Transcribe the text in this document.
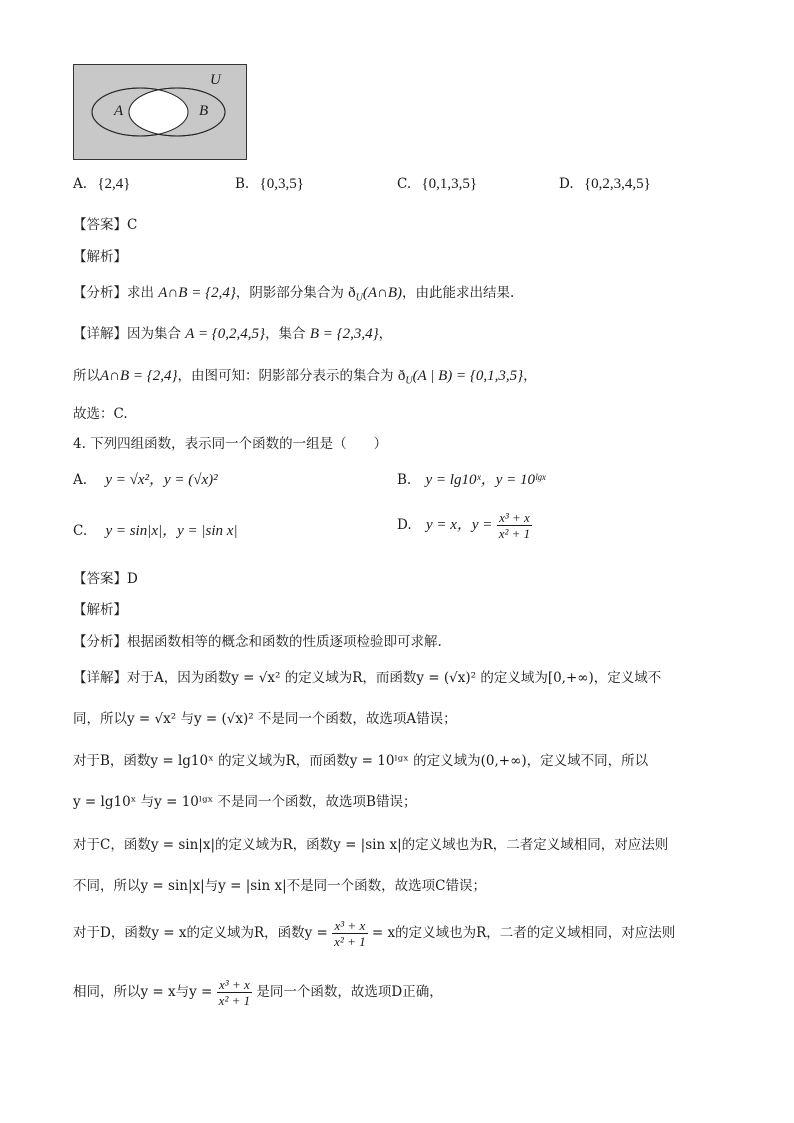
U
A	B
A. {2,4}	B. {0,3,5}	C. {0,1,3,5}	D. {0,2,3,4,5}
【答案】C
【解析】
【分析】求出 A∩B = {2,4}，阴影部分集合为 $ð_U(A\cap B)$，由此能求出结果.
【详解】因为集合 A = {0,2,4,5}，集合 B = {2,3,4}，
所以A∩B = {2,4}，由图可知：阴影部分表示的集合为 $ð_U(A$ | B) = {0,1,3,5}，
故选：C.
4. 下列四组函数，表示同一个函数的一组是（　　）
A. y = √x²，y = (√x)²	B. y = lg10ˣ，y = 10ˡᵍˣ
C. y = sin|x|，y = |sin x|	D. y = x，$y = \frac{\text{x³ + x}}{\text{x² + 1}}$
【答案】D
【解析】
【分析】根据函数相等的概念和函数的性质逐项检验即可求解.
【详解】对于A，因为函数y = √x² 的定义域为R，而函数y = (√x)² 的定义域为[0,+∞)，定义域不
同，所以y = √x² 与y = (√x)² 不是同一个函数，故选项A错误；
对于B，函数y = lg10ˣ 的定义域为R，而函数y = 10ˡᵍˣ 的定义域为(0,+∞)，定义域不同，所以
y = lg10ˣ 与y = 10ˡᵍˣ 不是同一个函数，故选项B错误；
对于C，函数y = sin|x|的定义域为R，函数y = |sin x|的定义域也为R，二者定义域相同，对应法则
不同，所以y = sin|x|与y = |sin x|不是同一个函数，故选项C错误；
对于D，函数y = x的定义域为R，函数$y = \frac{\text{x³ + x}}{\text{x² + 1}} = x$的定义域也为R，二者的定义域相同，对应法则
相同，所以y = x与$y = \frac{\text{x³ + x}}{\text{x² + 1}}$ 是同一个函数，故选项D正确，
